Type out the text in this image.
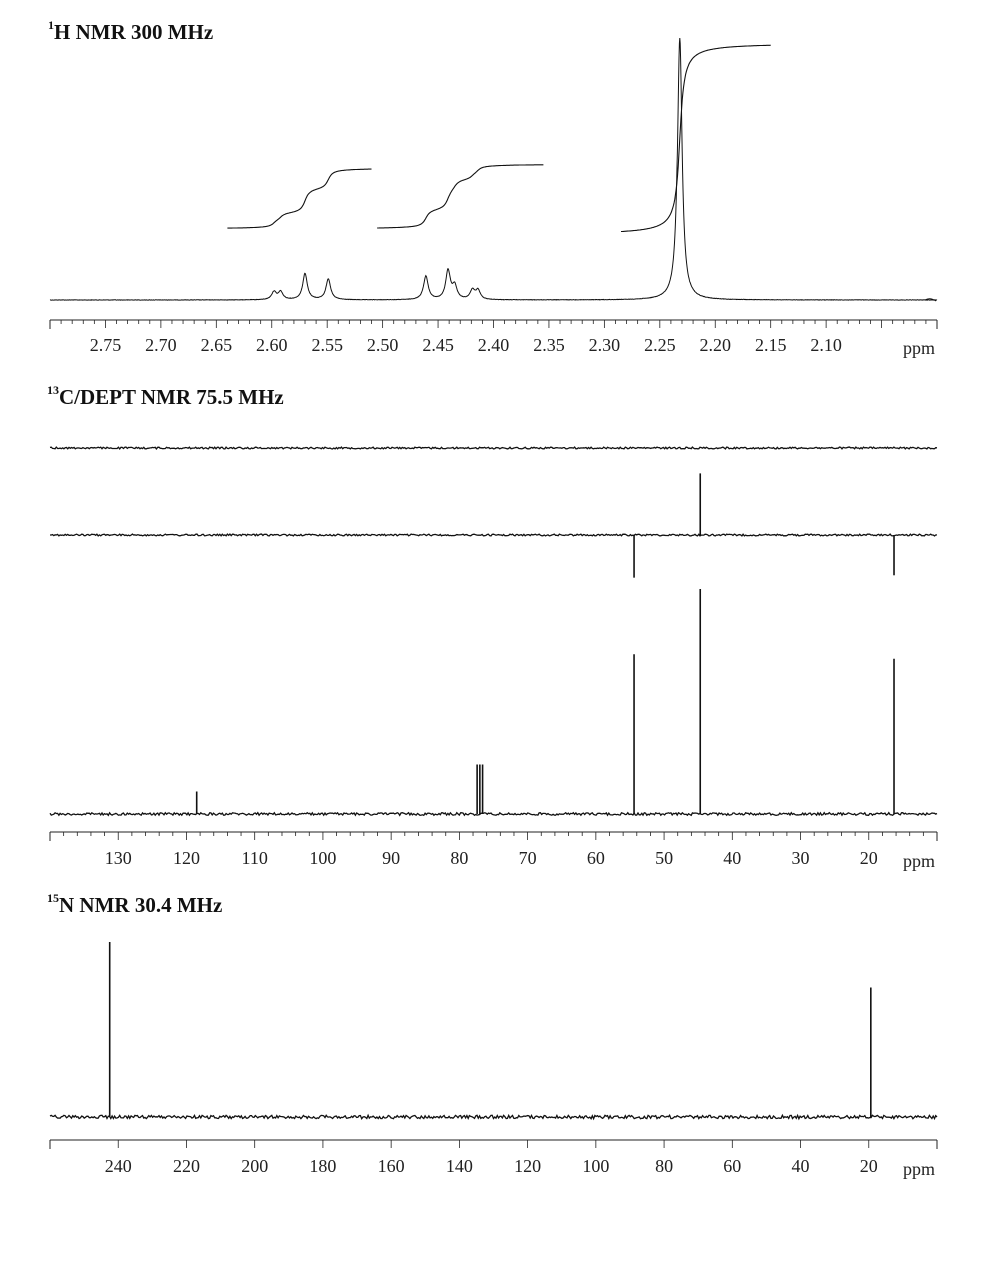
$^1$H NMR 300 MHz
$^{13}$C/DEPT NMR 75.5 MHz
$^{15}$N NMR 30.4 MHz
2.75 2.70 2.65 2.60 2.55 2.50 2.45 2.40 2.35 2.30 2.25 2.20 2.15 2.10	ppm
130 120 110 100	90	80	70	60	50	40	30	20 ppm
240 220 200 180 160 140 120 100	80	60	40	20 ppm
